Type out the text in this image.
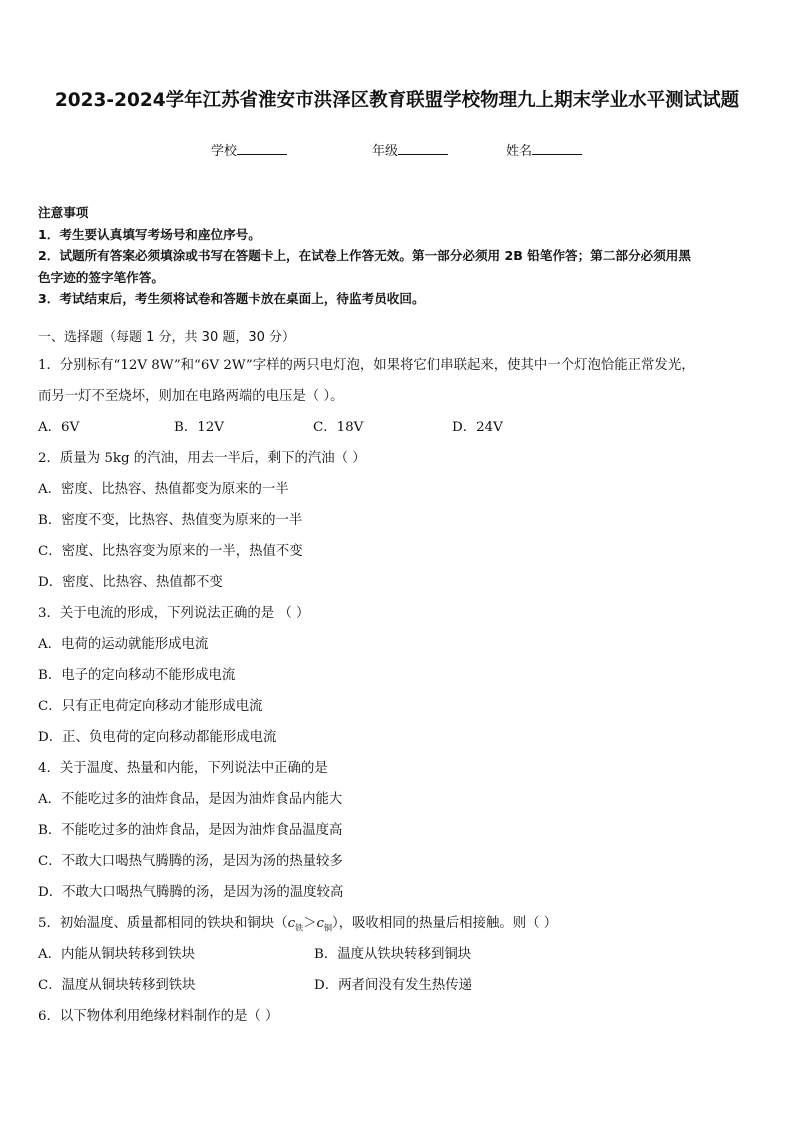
2023-2024学年江苏省淮安市洪泽区教育联盟学校物理九上期末学业水平测试试题
学校	年级	姓名
注意事项
1．考生要认真填写考场号和座位序号。
2．试题所有答案必须填涂或书写在答题卡上，在试卷上作答无效。第一部分必须用 2B 铅笔作答；第二部分必须用黑
色字迹的签字笔作答。
3．考试结束后，考生须将试卷和答题卡放在桌面上，待监考员收回。
一、选择题（每题 1 分，共 30 题，30 分）
1．分别标有“12V 8W”和“6V 2W”字样的两只电灯泡，如果将它们串联起来，使其中一个灯泡恰能正常发光，
而另一灯不至烧坏，则加在电路两端的电压是（ ）。
A．6V	B．12V	C．18V	D．24V
2．质量为 5kg 的汽油，用去一半后，剩下的汽油（ ）
A．密度、比热容、热值都变为原来的一半
B．密度不变，比热容、热值变为原来的一半
C．密度、比热容变为原来的一半，热值不变
D．密度、比热容、热值都不变
3．关于电流的形成，下列说法正确的是 （ ）
A．电荷的运动就能形成电流
B．电子的定向移动不能形成电流
C．只有正电荷定向移动才能形成电流
D．正、负电荷的定向移动都能形成电流
4．关于温度、热量和内能，下列说法中正确的是
A．不能吃过多的油炸食品，是因为油炸食品内能大
B．不能吃过多的油炸食品，是因为油炸食品温度高
C．不敢大口喝热气腾腾的汤，是因为汤的热量较多
D．不敢大口喝热气腾腾的汤，是因为汤的温度较高
5．初始温度、质量都相同的铁块和铜块$(c_铁>c_铜)$，吸收相同的热量后相接触。则（ ）
A．内能从铜块转移到铁块	B．温度从铁块转移到铜块
C．温度从铜块转移到铁块	D．两者间没有发生热传递
6．以下物体利用绝缘材料制作的是（ ）
